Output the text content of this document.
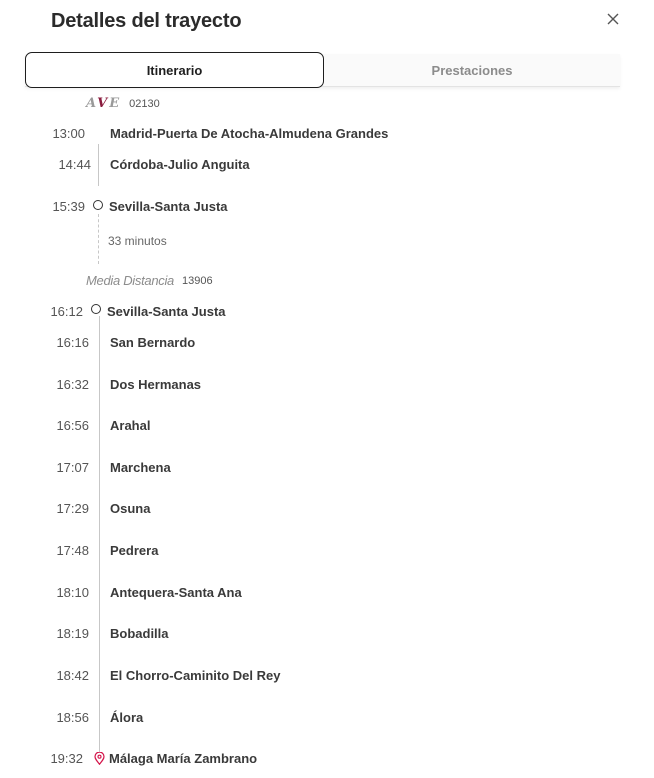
Detalles del trayecto
Prestaciones
Itinerario
AVE 02130
13:00 Madrid-Puerta De Atocha-Almudena Grandes
14:44 Córdoba-Julio Anguita
15:39 Sevilla-Santa Justa
33 minutos
Media Distancia 13906
16:12 Sevilla-Santa Justa
16:16 San Bernardo
16:32 Dos Hermanas
16:56 Arahal
17:07 Marchena
17:29 Osuna
17:48 Pedrera
18:10 Antequera-Santa Ana
18:19 Bobadilla
18:42 El Chorro-Caminito Del Rey
18:56 Álora
19:32 Málaga María Zambrano
